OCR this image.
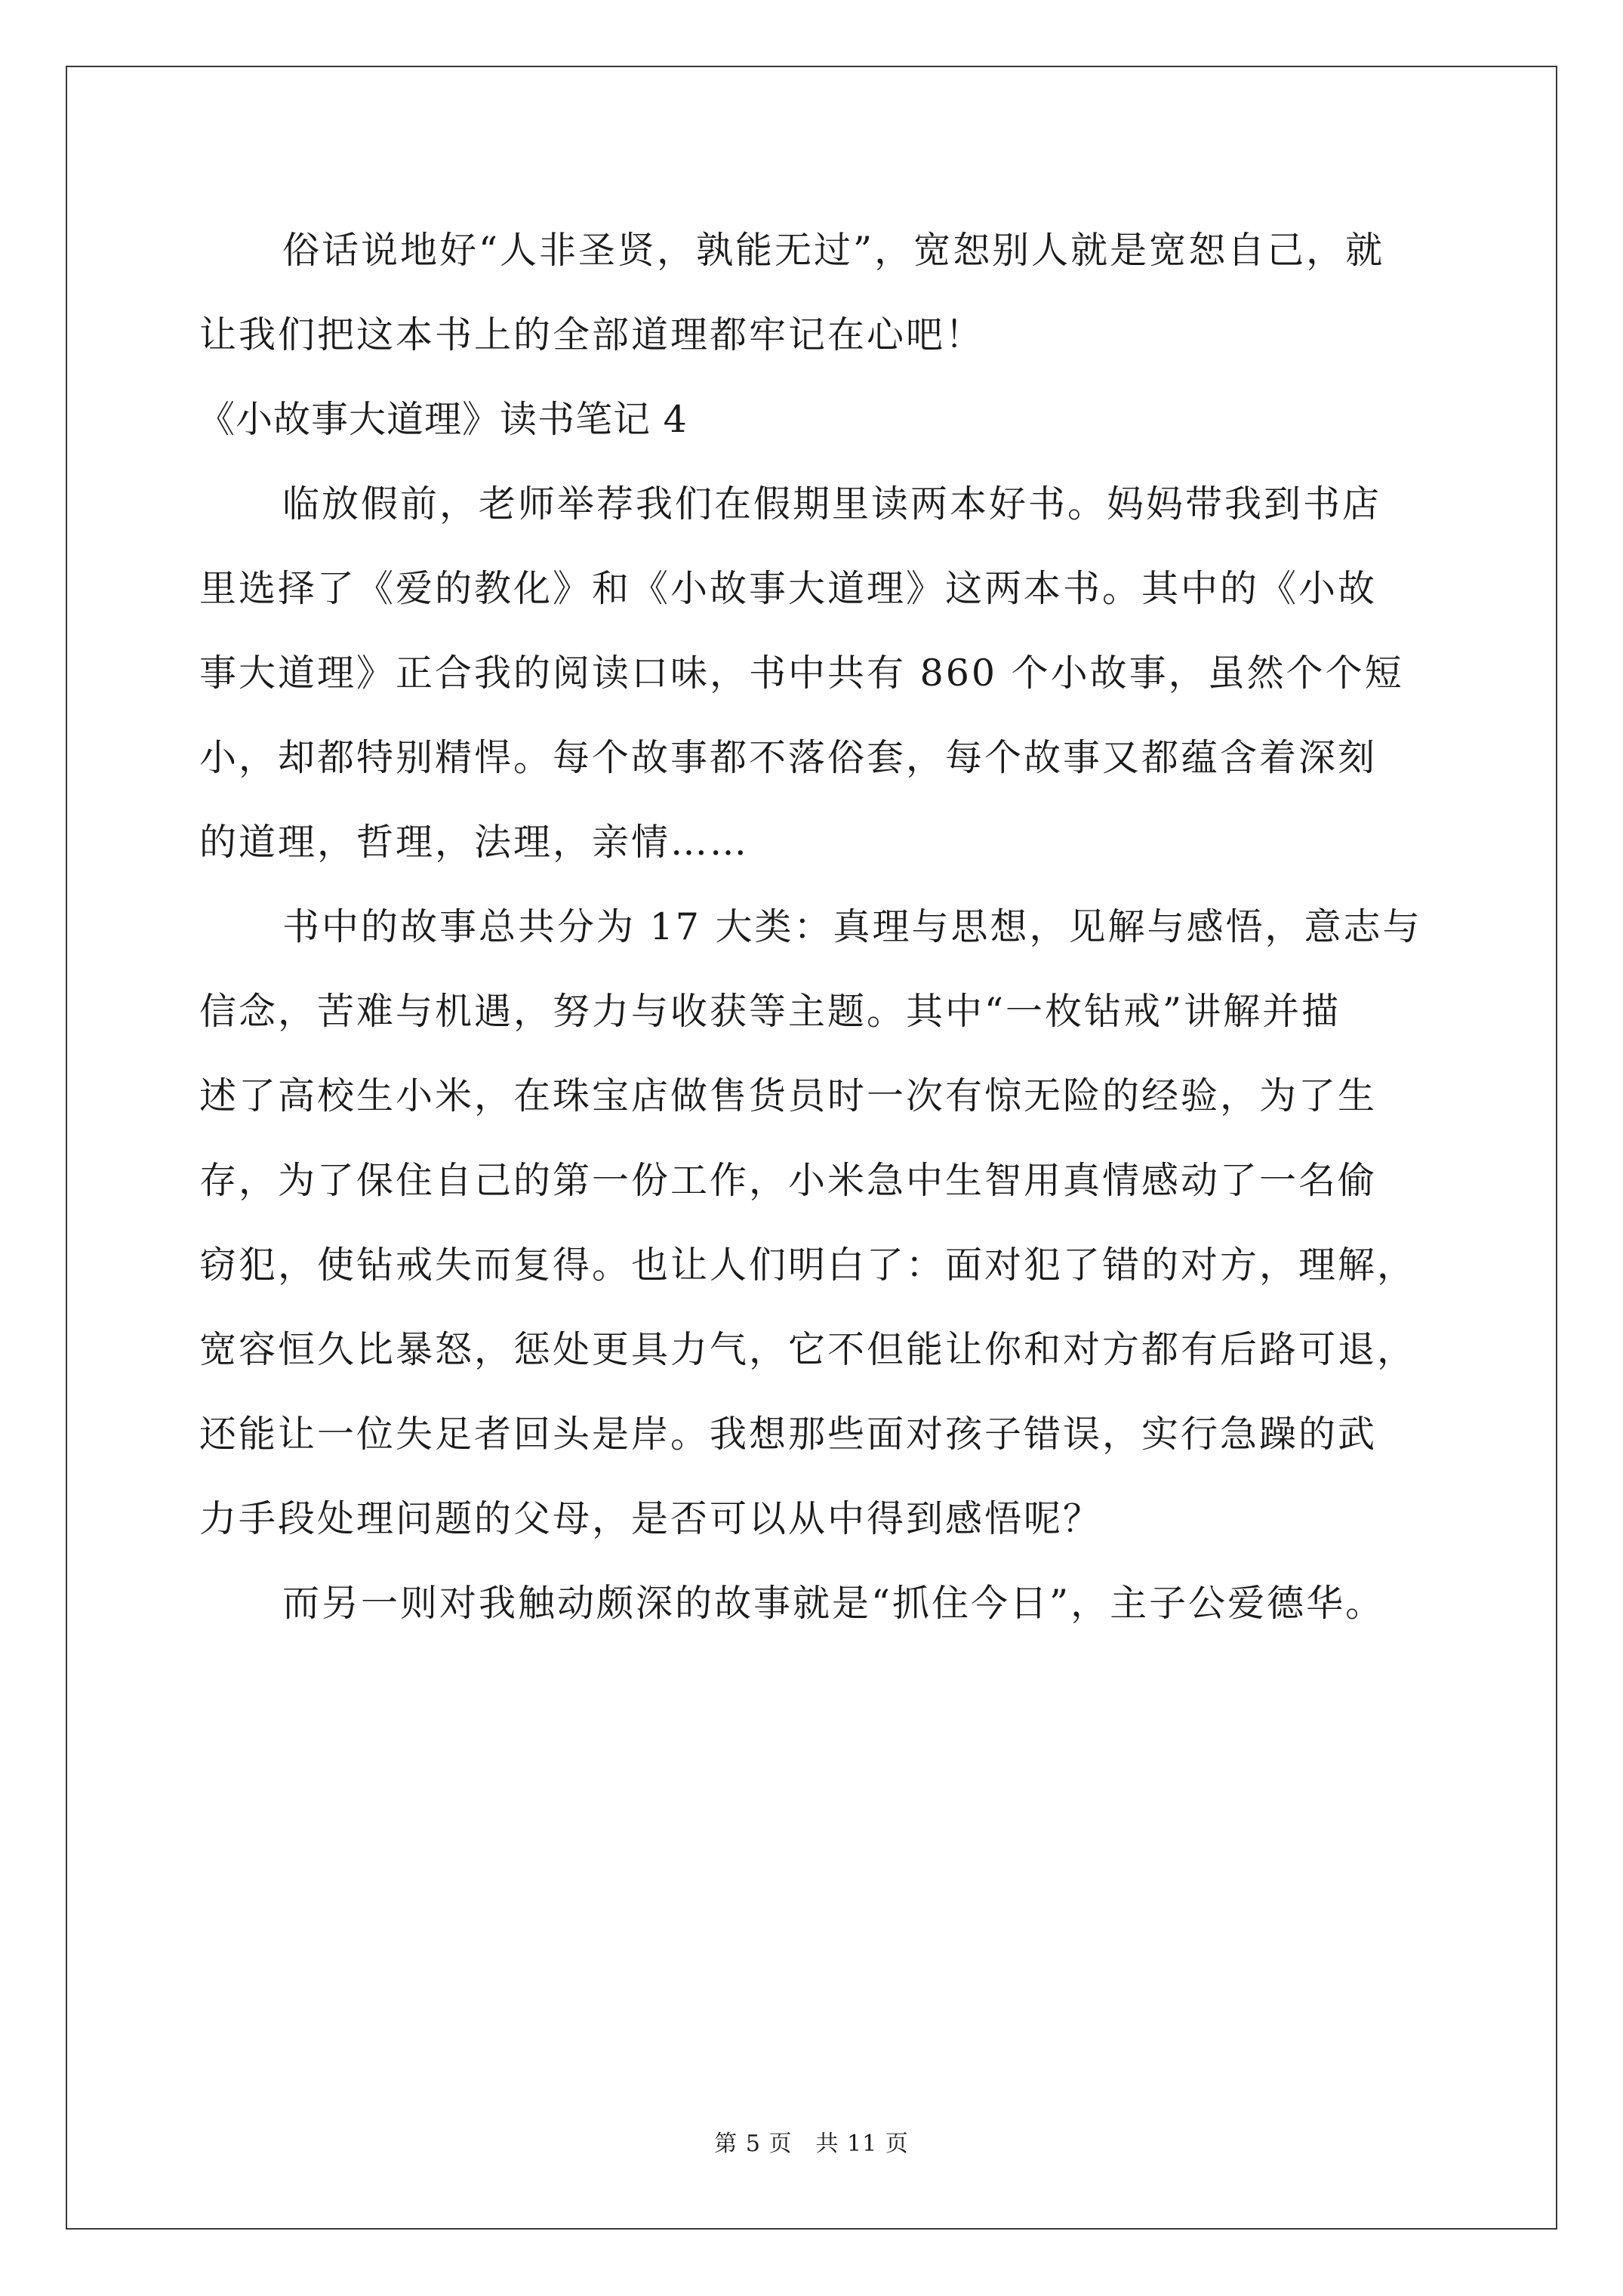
俗话说地好“人非圣贤，孰能无过”，宽恕别人就是宽恕自己，就
让我们把这本书上的全部道理都牢记在心吧！
《小故事大道理》读书笔记 4
临放假前，老师举荐我们在假期里读两本好书。妈妈带我到书店
里选择了《爱的教化》和《小故事大道理》这两本书。其中的《小故
事大道理》正合我的阅读口味，书中共有 860 个小故事，虽然个个短
小，却都特别精悍。每个故事都不落俗套，每个故事又都蕴含着深刻
的道理，哲理，法理，亲情……
书中的故事总共分为 17 大类：真理与思想，见解与感悟，意志与
信念，苦难与机遇，努力与收获等主题。其中“一枚钻戒”讲解并描
述了高校生小米，在珠宝店做售货员时一次有惊无险的经验，为了生
存，为了保住自己的第一份工作，小米急中生智用真情感动了一名偷
窃犯，使钻戒失而复得。也让人们明白了：面对犯了错的对方，理解，
宽容恒久比暴怒，惩处更具力气，它不但能让你和对方都有后路可退，
还能让一位失足者回头是岸。我想那些面对孩子错误，实行急躁的武
力手段处理问题的父母，是否可以从中得到感悟呢？
而另一则对我触动颇深的故事就是“抓住今日”，主子公爱德华。
第 5 页　共 11 页
